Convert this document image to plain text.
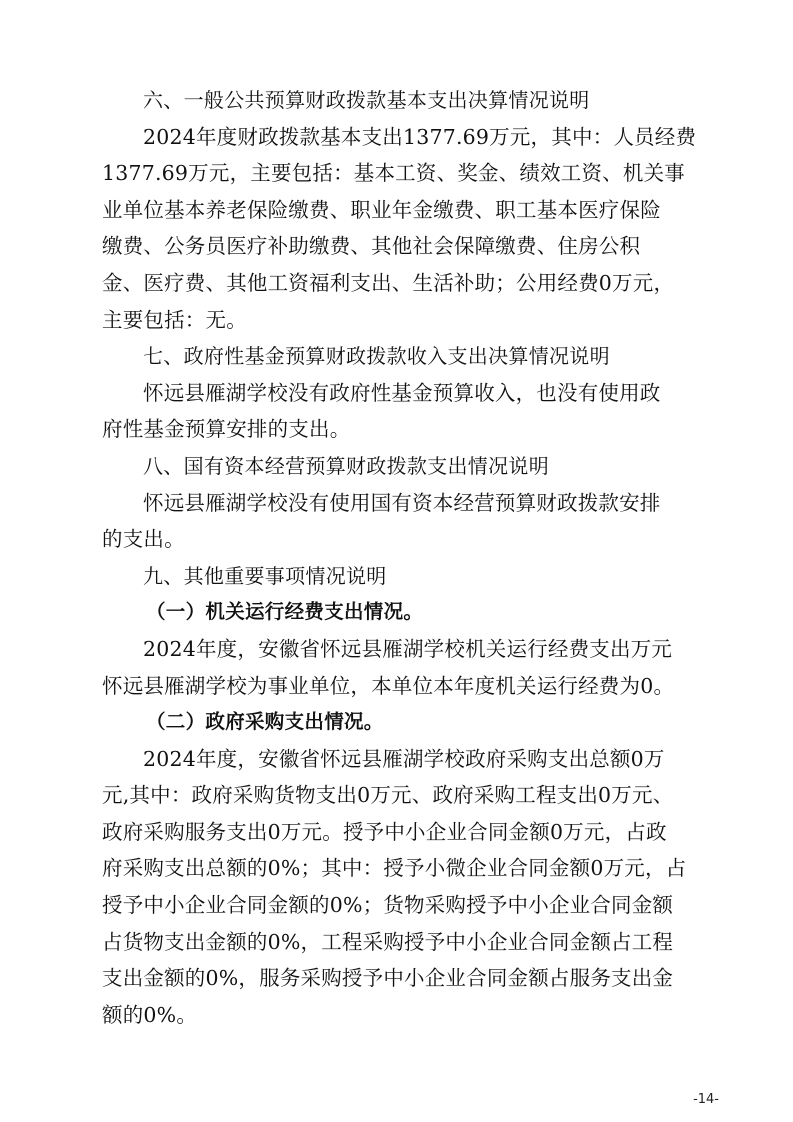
六、一般公共预算财政拨款基本支出决算情况说明
2024年度财政拨款基本支出1377.69万元，其中：人员经费
1377.69万元，主要包括：基本工资、奖金、绩效工资、机关事
业单位基本养老保险缴费、职业年金缴费、职工基本医疗保险
缴费、公务员医疗补助缴费、其他社会保障缴费、住房公积
金、医疗费、其他工资福利支出、生活补助；公用经费0万元，
主要包括：无。
七、政府性基金预算财政拨款收入支出决算情况说明
怀远县雁湖学校没有政府性基金预算收入，也没有使用政
府性基金预算安排的支出。
八、国有资本经营预算财政拨款支出情况说明
怀远县雁湖学校没有使用国有资本经营预算财政拨款安排
的支出。
九、其他重要事项情况说明
（一）机关运行经费支出情况。
2024年度，安徽省怀远县雁湖学校机关运行经费支出万元
怀远县雁湖学校为事业单位，本单位本年度机关运行经费为0。
（二）政府采购支出情况。
2024年度，安徽省怀远县雁湖学校政府采购支出总额0万
元,其中：政府采购货物支出0万元、政府采购工程支出0万元、
政府采购服务支出0万元。授予中小企业合同金额0万元，占政
府采购支出总额的0%；其中：授予小微企业合同金额0万元，占
授予中小企业合同金额的0%；货物采购授予中小企业合同金额
占货物支出金额的0%，工程采购授予中小企业合同金额占工程
支出金额的0%，服务采购授予中小企业合同金额占服务支出金
额的0%。
-14-
